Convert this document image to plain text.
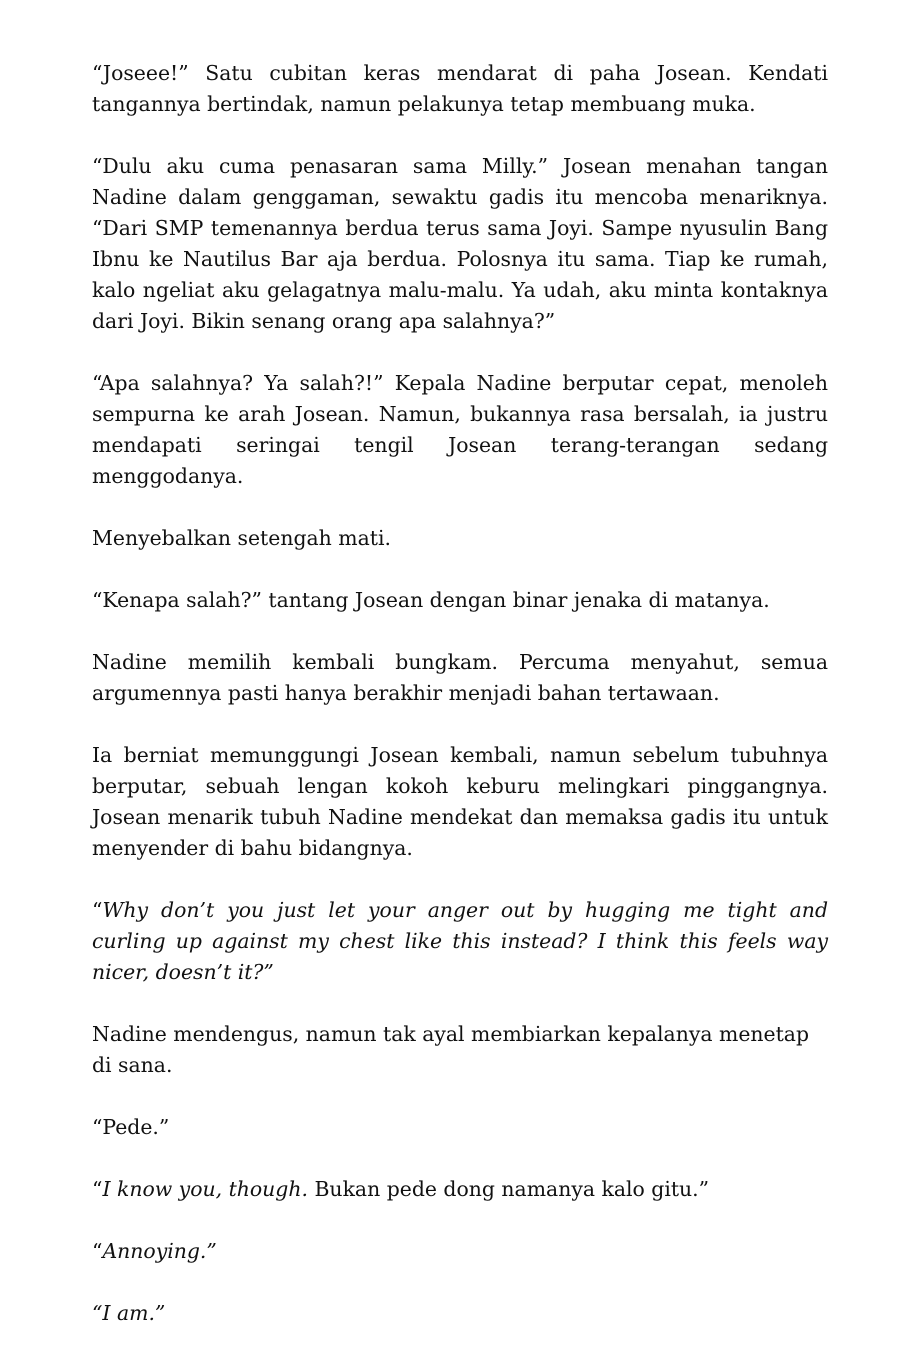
“Joseee!” Satu cubitan keras mendarat di paha Josean. Kendati tangannya bertindak, namun pelakunya tetap membuang muka.

“Dulu aku cuma penasaran sama Milly.” Josean menahan tangan Nadine dalam genggaman, sewaktu gadis itu mencoba menariknya. “Dari SMP temenannya berdua terus sama Joyi. Sampe nyusulin Bang Ibnu ke Nautilus Bar aja berdua. Polosnya itu sama. Tiap ke rumah, kalo ngeliat aku gelagatnya malu-malu. Ya udah, aku minta kontaknya dari Joyi. Bikin senang orang apa salahnya?”

“Apa salahnya? Ya salah?!” Kepala Nadine berputar cepat, menoleh sempurna ke arah Josean. Namun, bukannya rasa bersalah, ia justru mendapati seringai tengil Josean terang-terangan sedang menggodanya.

Menyebalkan setengah mati.

“Kenapa salah?” tantang Josean dengan binar jenaka di matanya.

Nadine memilih kembali bungkam. Percuma menyahut, semua argumennya pasti hanya berakhir menjadi bahan tertawaan.

Ia berniat memunggungi Josean kembali, namun sebelum tubuhnya berputar, sebuah lengan kokoh keburu melingkari pinggangnya. Josean menarik tubuh Nadine mendekat dan memaksa gadis itu untuk menyender di bahu bidangnya.

“Why don’t you just let your anger out by hugging me tight and curling up against my chest like this instead? I think this feels way nicer, doesn’t it?”

Nadine mendengus, namun tak ayal membiarkan kepalanya menetap di sana.

“Pede.”

“I know you, though. Bukan pede dong namanya kalo gitu.”

“Annoying.”

“I am.”
